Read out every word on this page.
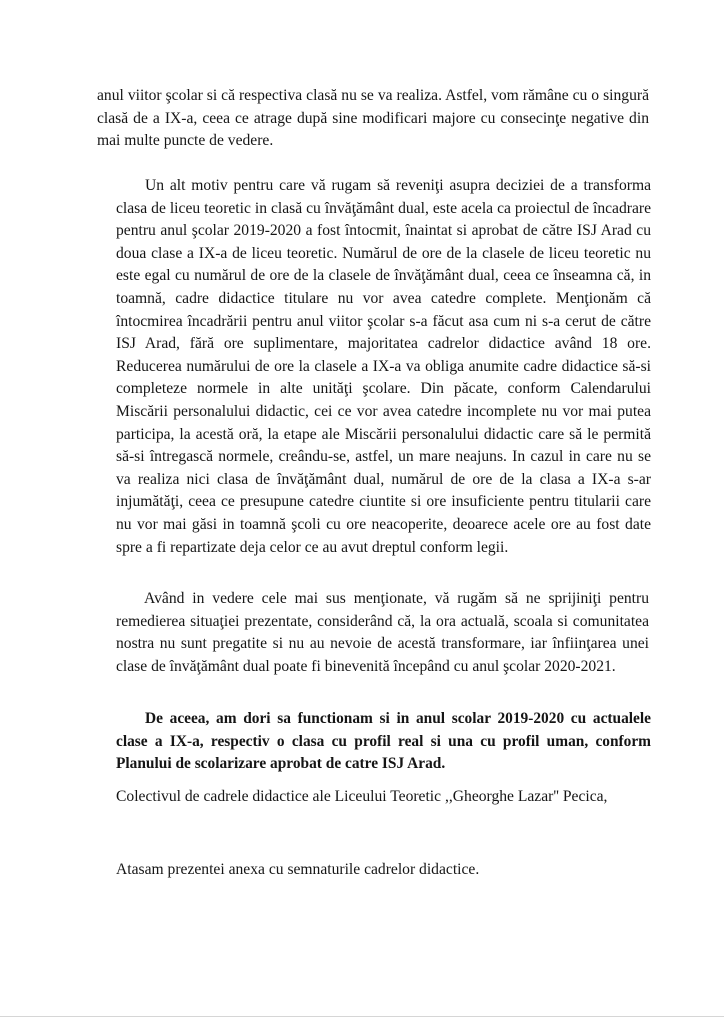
anul viitor şcolar si că respectiva clasă nu se va realiza. Astfel, vom rămâne cu o singură clasă de a IX-a, ceea ce atrage după sine modificari majore cu consecinţe negative din mai multe puncte de vedere.

Un alt motiv pentru care vă rugam să reveniţi asupra deciziei de a transforma clasa de liceu teoretic in clasă cu învăţământ dual, este acela ca proiectul de încadrare pentru anul şcolar 2019-2020 a fost întocmit, înaintat si aprobat de către ISJ Arad cu doua clase a IX-a de liceu teoretic. Numărul de ore de la clasele de liceu teoretic nu este egal cu numărul de ore de la clasele de învăţământ dual, ceea ce înseamna că, in toamnă, cadre didactice titulare nu vor avea catedre complete. Menţionăm că întocmirea încadrării pentru anul viitor şcolar s-a făcut asa cum ni s-a cerut de către ISJ Arad, fără ore suplimentare, majoritatea cadrelor didactice având 18 ore. Reducerea numărului de ore la clasele a IX-a va obliga anumite cadre didactice să-si completeze normele in alte unităţi şcolare. Din păcate, conform Calendarului Miscării personalului didactic, cei ce vor avea catedre incomplete nu vor mai putea participa, la acestă oră, la etape ale Miscării personalului didactic care să le permită să-si întregască normele, creându-se, astfel, un mare neajuns. In cazul in care nu se va realiza nici clasa de învăţământ dual, numărul de ore de la clasa a IX-a s-ar injumătăţi, ceea ce presupune catedre ciuntite si ore insuficiente pentru titularii care nu vor mai găsi in toamnă şcoli cu ore neacoperite, deoarece acele ore au fost date spre a fi repartizate deja celor ce au avut dreptul conform legii.

Având in vedere cele mai sus menţionate, vă rugăm să ne sprijiniţi pentru remedierea situaţiei prezentate, considerând că, la ora actuală, scoala si comunitatea nostra nu sunt pregatite si nu au nevoie de acestă transformare, iar înfiinţarea unei clase de învăţământ dual poate fi binevenită începând cu anul şcolar 2020-2021.

De aceea, am dori sa functionam si in anul scolar 2019-2020 cu actualele clase a IX-a, respectiv o clasa cu profil real si una cu profil uman, conform Planului de scolarizare aprobat de catre ISJ Arad.

Colectivul de cadrele didactice ale Liceului Teoretic ,,Gheorghe Lazar'' Pecica,

Atasam prezentei anexa cu semnaturile cadrelor didactice.
